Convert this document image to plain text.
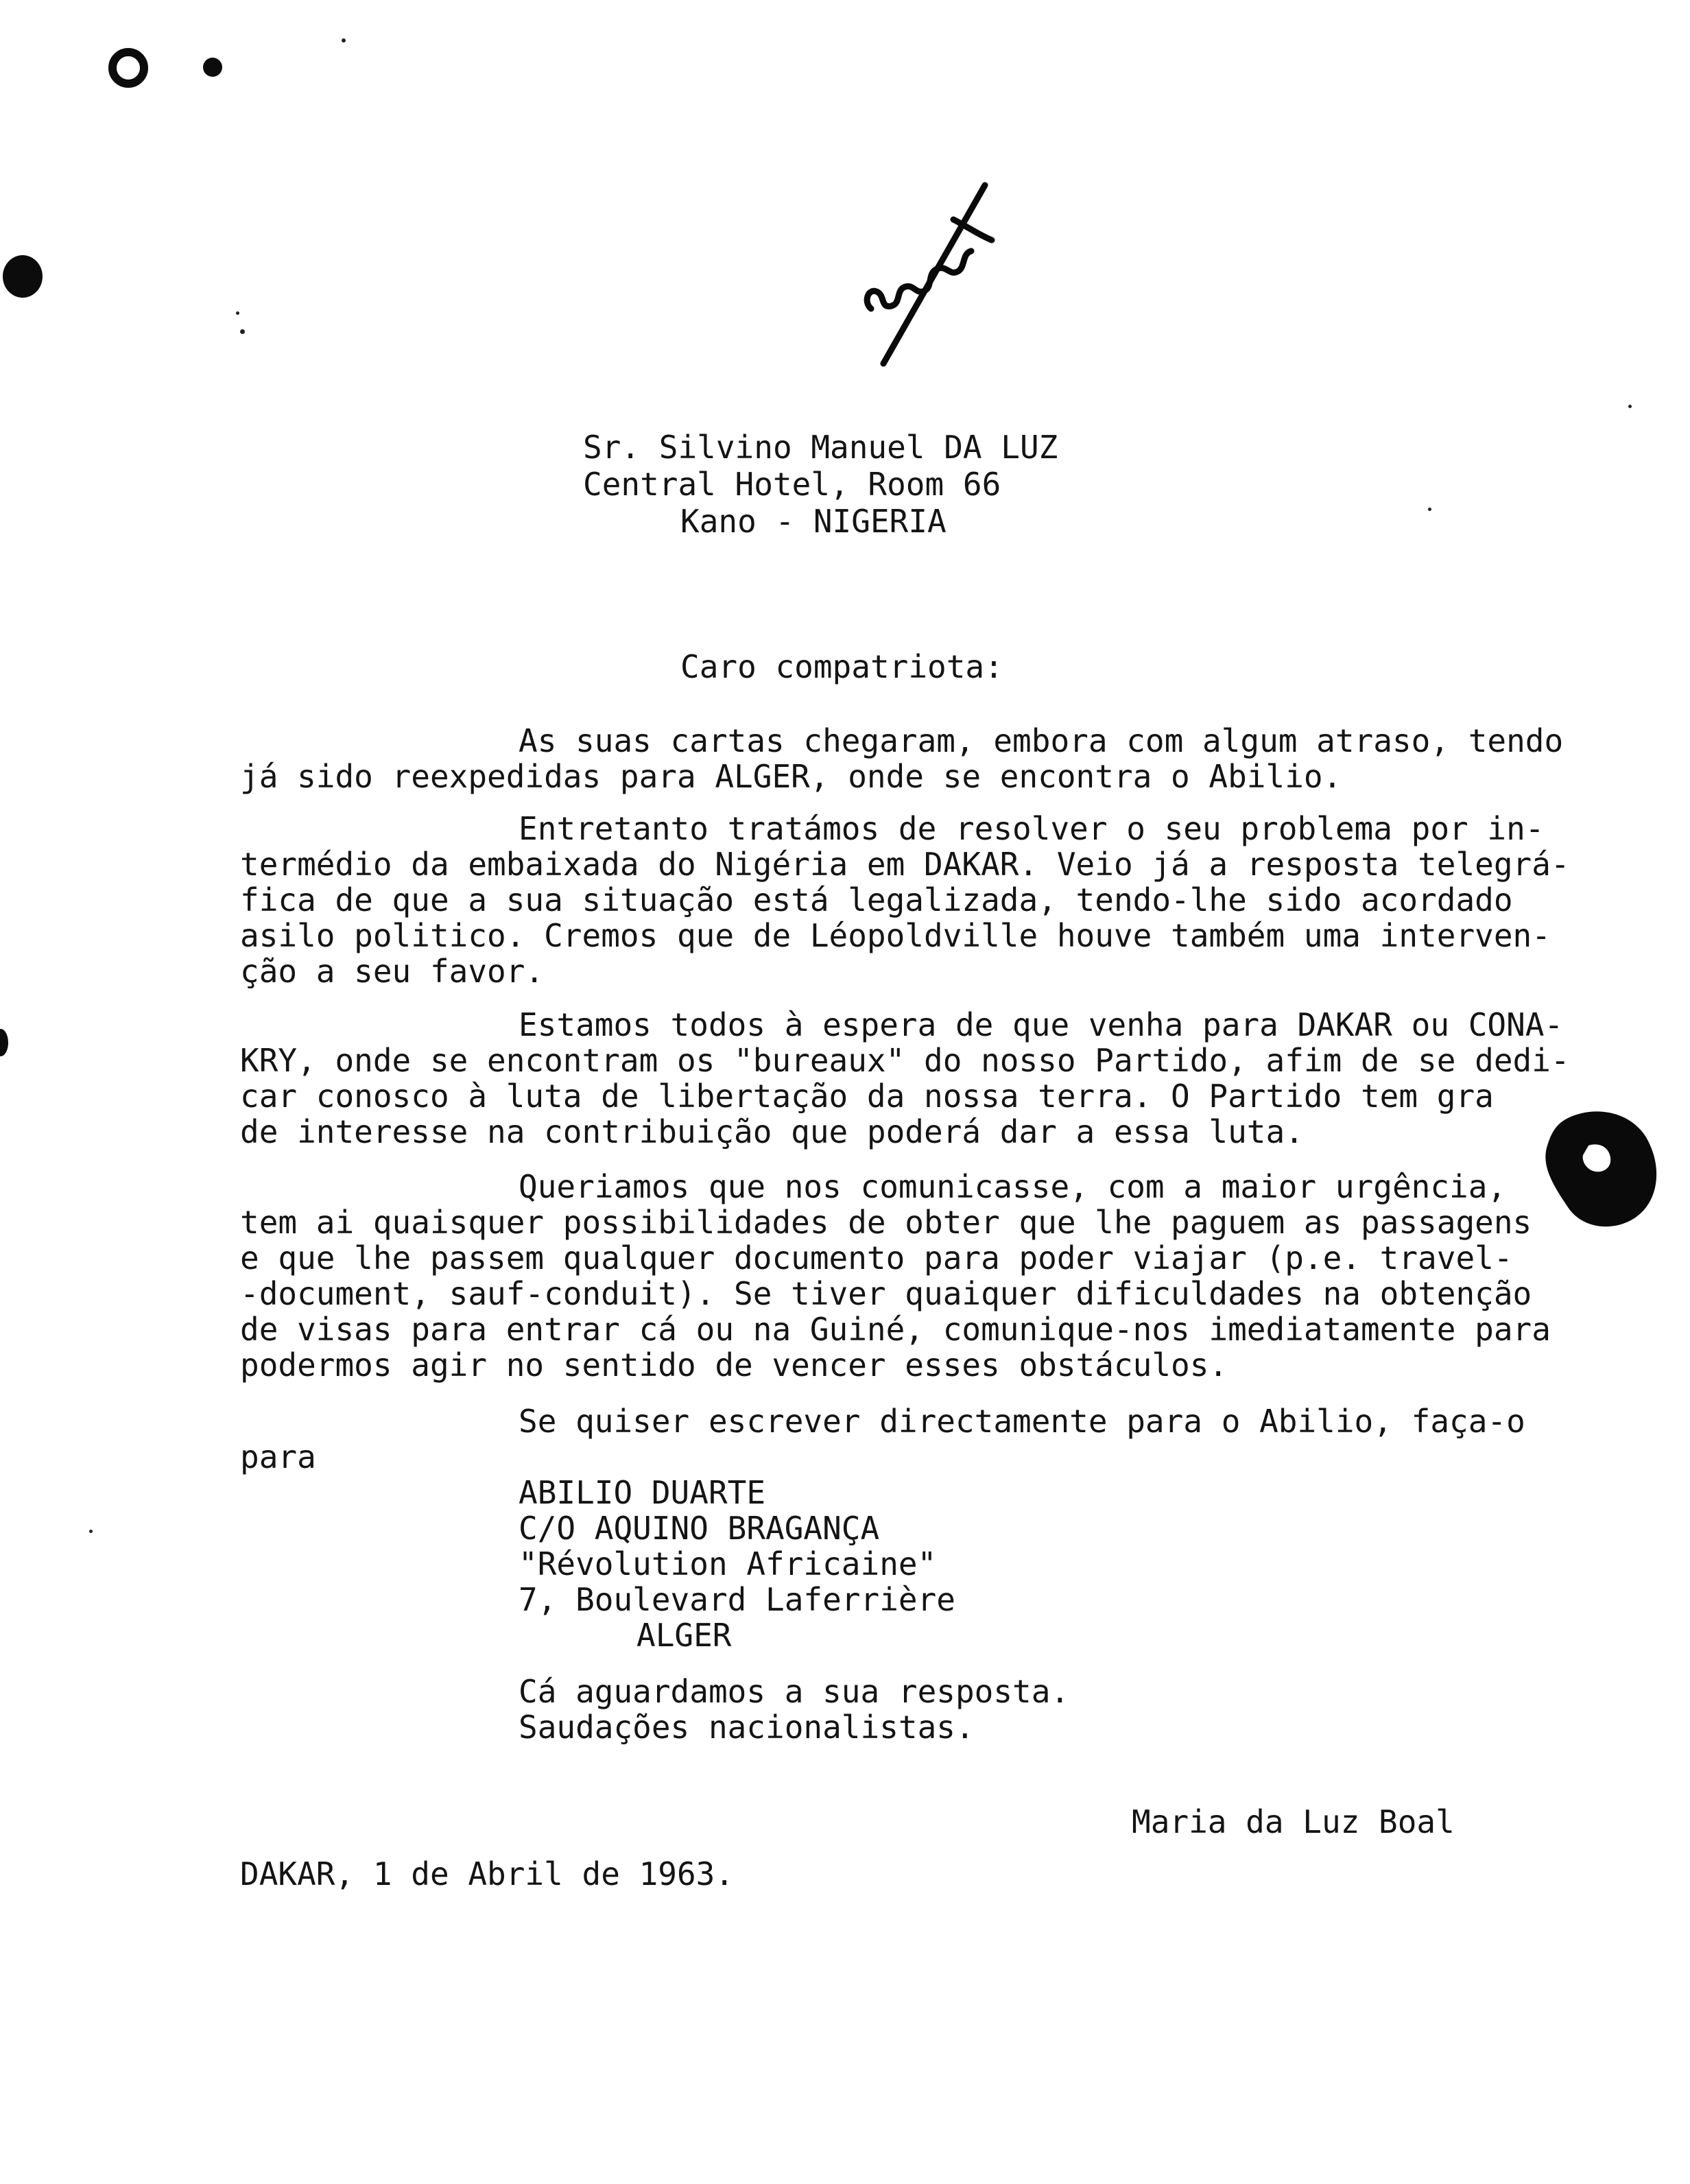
Sr. Silvino Manuel DA LUZ
Central Hotel, Room 66
Kano - NIGERIA
Caro compatriota:
As suas cartas chegaram, embora com algum atraso, tendo
já sido reexpedidas para ALGER, onde se encontra o Abilio.
Entretanto tratámos de resolver o seu problema por in-
termédio da embaixada do Nigéria em DAKAR. Veio já a resposta telegrá-
fica de que a sua situação está legalizada, tendo-lhe sido acordado
asilo politico. Cremos que de Léopoldville houve também uma interven-
ção a seu favor.
Estamos todos à espera de que venha para DAKAR ou CONA-
KRY, onde se encontram os "bureaux" do nosso Partido, afim de se dedi-
car conosco à luta de libertação da nossa terra. O Partido tem gra
de interesse na contribuição que poderá dar a essa luta.
Queriamos que nos comunicasse, com a maior urgência,
tem ai quaisquer possibilidades de obter que lhe paguem as passagens
e que lhe passem qualquer documento para poder viajar (p.e. travel-
-document, sauf-conduit). Se tiver quaiquer dificuldades na obtenção
de visas para entrar cá ou na Guiné, comunique-nos imediatamente para
podermos agir no sentido de vencer esses obstáculos.
Se quiser escrever directamente para o Abilio, faça-o
para
ABILIO DUARTE
C/O AQUINO BRAGANÇA
"Révolution Africaine"
7, Boulevard Laferrière
ALGER
Cá aguardamos a sua resposta.
Saudações nacionalistas.
Maria da Luz Boal
DAKAR, 1 de Abril de 1963.
